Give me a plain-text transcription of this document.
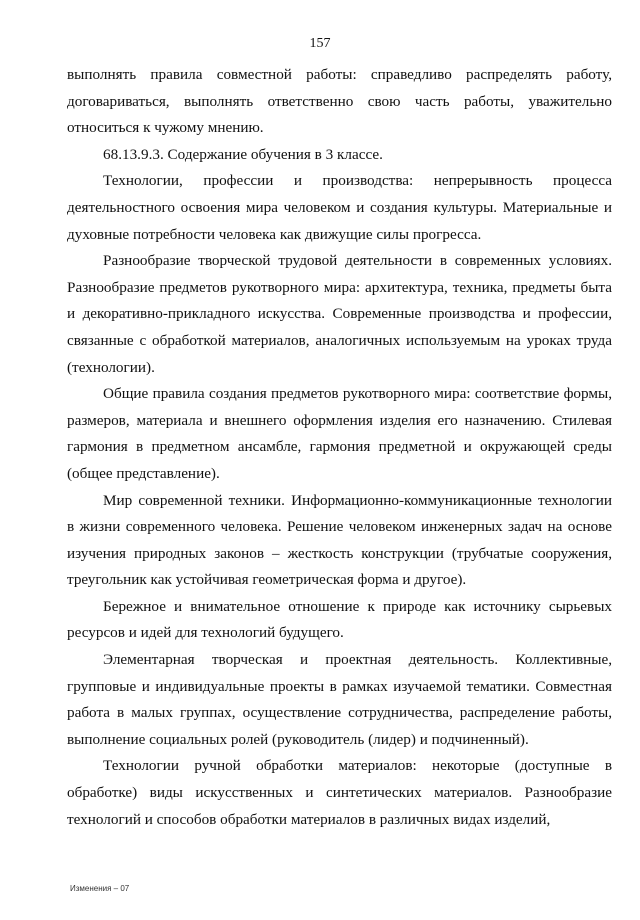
157

выполнять правила совместной работы: справедливо распределять работу, договариваться, выполнять ответственно свою часть работы, уважительно относиться к чужому мнению.

68.13.9.3. Содержание обучения в 3 классе.

Технологии, профессии и производства: непрерывность процесса деятельностного освоения мира человеком и создания культуры. Материальные и духовные потребности человека как движущие силы прогресса.

Разнообразие творческой трудовой деятельности в современных условиях. Разнообразие предметов рукотворного мира: архитектура, техника, предметы быта и декоративно-прикладного искусства. Современные производства и профессии, связанные с обработкой материалов, аналогичных используемым на уроках труда (технологии).

Общие правила создания предметов рукотворного мира: соответствие формы, размеров, материала и внешнего оформления изделия его назначению. Стилевая гармония в предметном ансамбле, гармония предметной и окружающей среды (общее представление).

Мир современной техники. Информационно-коммуникационные технологии в жизни современного человека. Решение человеком инженерных задач на основе изучения природных законов – жесткость конструкции (трубчатые сооружения, треугольник как устойчивая геометрическая форма и другое).

Бережное и внимательное отношение к природе как источнику сырьевых ресурсов и идей для технологий будущего.

Элементарная творческая и проектная деятельность. Коллективные, групповые и индивидуальные проекты в рамках изучаемой тематики. Совместная работа в малых группах, осуществление сотрудничества, распределение работы, выполнение социальных ролей (руководитель (лидер) и подчиненный).

Технологии ручной обработки материалов: некоторые (доступные в обработке) виды искусственных и синтетических материалов. Разнообразие технологий и способов обработки материалов в различных видах изделий,

Изменения – 07
